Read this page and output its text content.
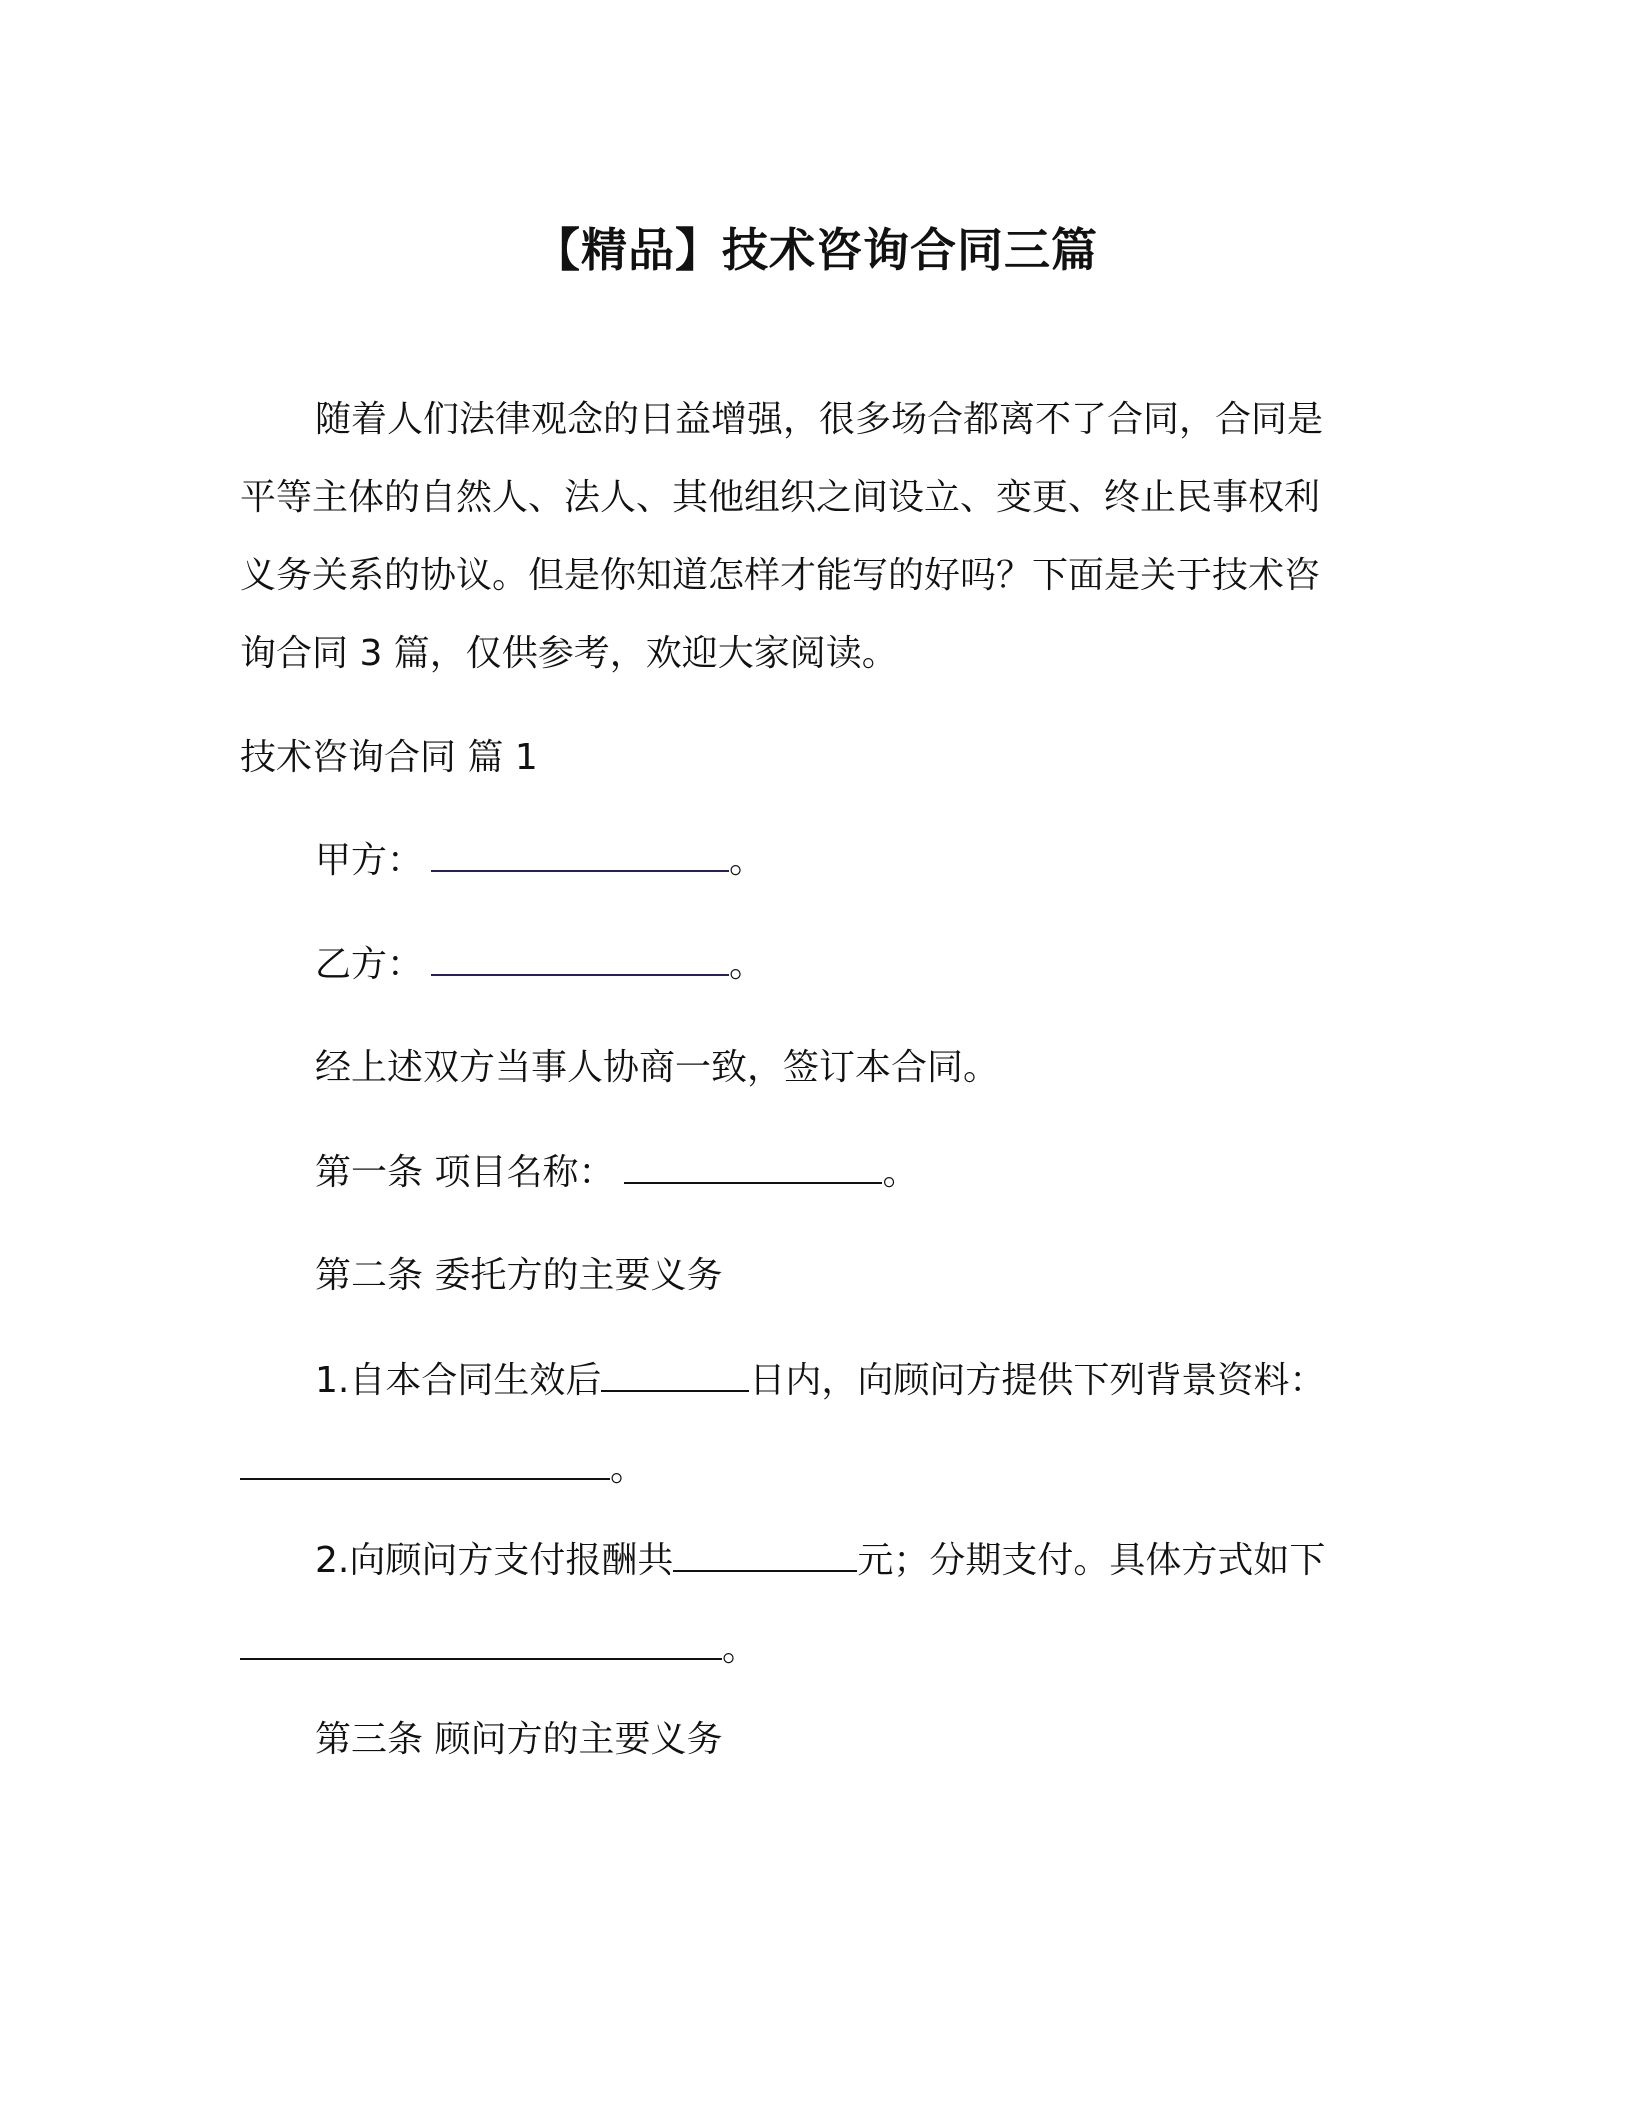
【精品】技术咨询合同三篇
随着人们法律观念的日益增强，很多场合都离不了合同，合同是
平等主体的自然人、法人、其他组织之间设立、变更、终止民事权利
义务关系的协议。但是你知道怎样才能写的好吗？下面是关于技术咨
询合同 3 篇，仅供参考，欢迎大家阅读。
技术咨询合同 篇 1
甲方：	。
乙方：	。
经上述双方当事人协商一致，签订本合同。
第一条 项目名称：	。
第二条 委托方的主要义务
1.自本合同生效后	日内，向顾问方提供下列背景资料：
。
2.向顾问方支付报酬共	元；分期支付。具体方式如下
。
第三条 顾问方的主要义务
